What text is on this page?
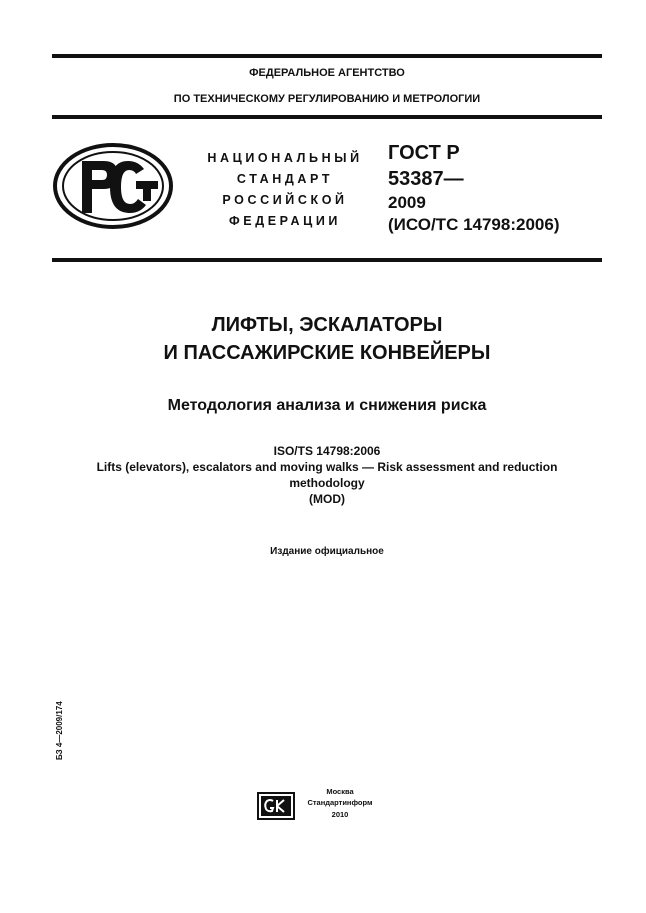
ФЕДЕРАЛЬНОЕ АГЕНТСТВО
ПО ТЕХНИЧЕСКОМУ РЕГУЛИРОВАНИЮ И МЕТРОЛОГИИ
НАЦИОНАЛЬНЫЙ
СТАНДАРТ
РОССИЙСКОЙ
ФЕДЕРАЦИИ
ГОСТ Р
53387—
2009
(ИСО/ТС 14798:2006)
ЛИФТЫ, ЭСКАЛАТОРЫ
И ПАССАЖИРСКИЕ КОНВЕЙЕРЫ
Методология анализа и снижения риска
ISO/TS 14798:2006
Lifts (elevators), escalators and moving walks — Risk assessment and reduction
methodology
(MOD)
Издание официальное
БЗ 4—2009/174
Москва
Стандартинформ
2010
